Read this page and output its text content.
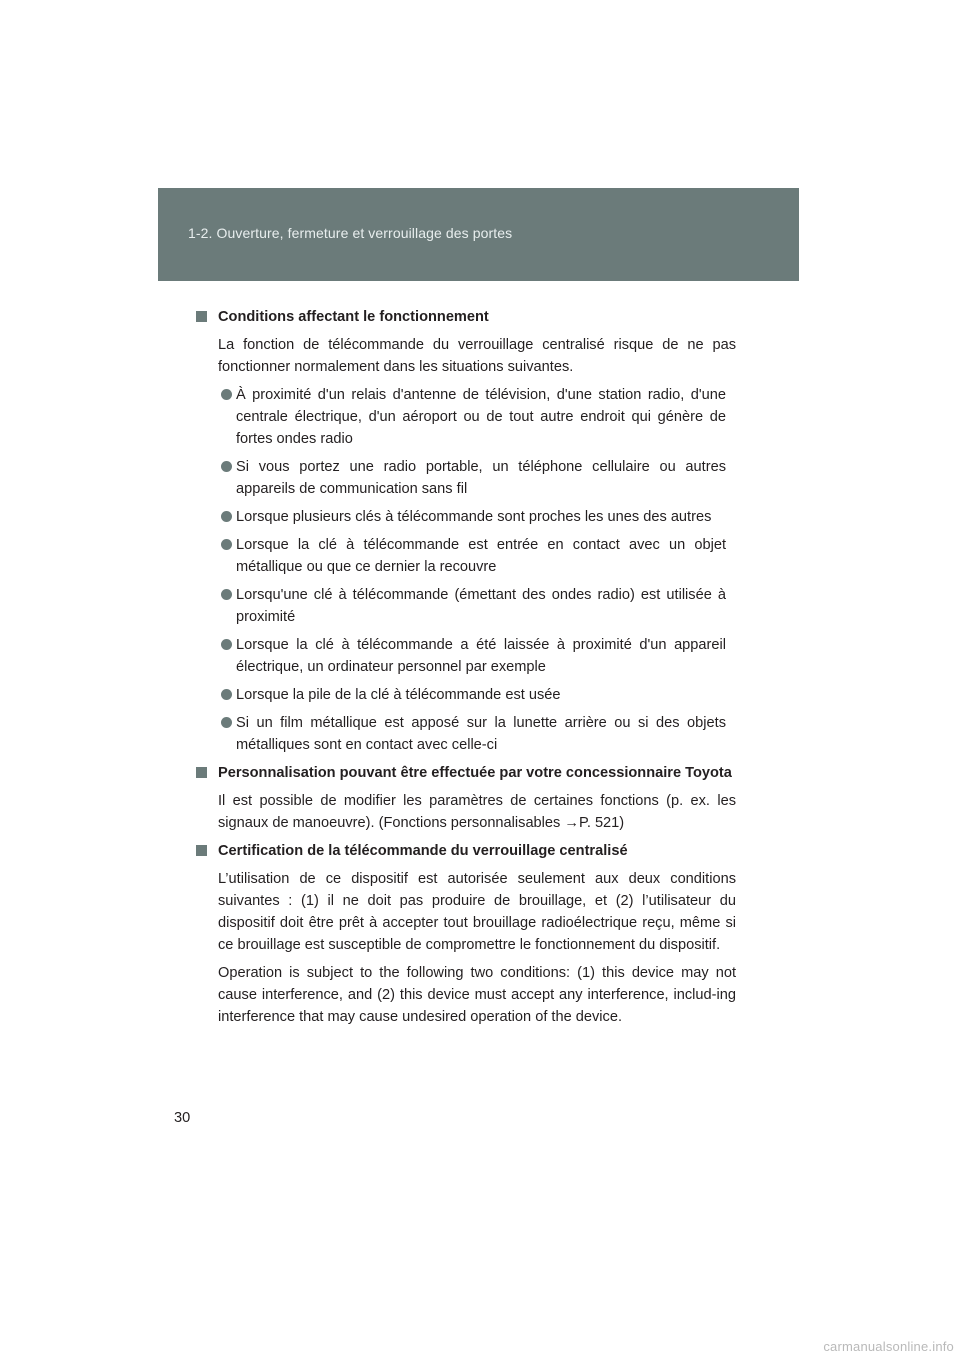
1-2. Ouverture, fermeture et verrouillage des portes
Conditions affectant le fonctionnement
La fonction de télécommande du verrouillage centralisé risque de ne pas fonctionner normalement dans les situations suivantes.
À proximité d'un relais d'antenne de télévision, d'une station radio, d'une centrale électrique, d'un aéroport ou de tout autre endroit qui génère de fortes ondes radio
Si vous portez une radio portable, un téléphone cellulaire ou autres appareils de communication sans fil
Lorsque plusieurs clés à télécommande sont proches les unes des autres
Lorsque la clé à télécommande est entrée en contact avec un objet métallique ou que ce dernier la recouvre
Lorsqu'une clé à télécommande (émettant des ondes radio) est utilisée à proximité
Lorsque la clé à télécommande a été laissée à proximité d'un appareil électrique, un ordinateur personnel par exemple
Lorsque la pile de la clé à télécommande est usée
Si un film métallique est apposé sur la lunette arrière ou si des objets métalliques sont en contact avec celle-ci
Personnalisation pouvant être effectuée par votre concessionnaire Toyota
Il est possible de modifier les paramètres de certaines fonctions (p. ex. les signaux de manoeuvre). (Fonctions personnalisables →P. 521)
Certification de la télécommande du verrouillage centralisé
L’utilisation de ce dispositif est autorisée seulement aux deux conditions suivantes : (1) il ne doit pas produire de brouillage, et (2) l’utilisateur du dispositif doit être prêt à accepter tout brouillage radioélectrique reçu, même si ce brouillage est susceptible de compromettre le fonctionnement du dispositif.
Operation is subject to the following two conditions: (1) this device may not cause interference, and (2) this device must accept any interference, includ-ing interference that may cause undesired operation of the device.
30
carmanualsonline.info
